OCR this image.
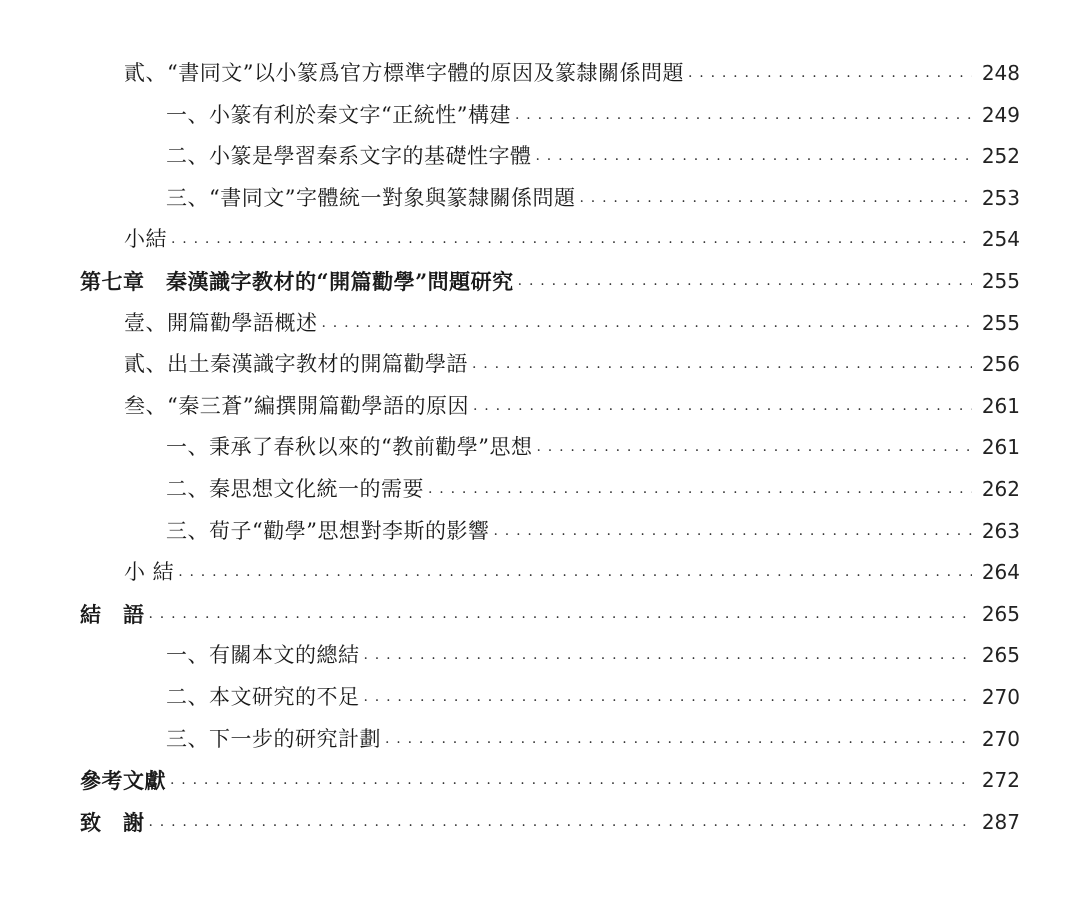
貳、“書同文”以小篆爲官方標準字體的原因及篆隸關係問題 . . .	248
一、小篆有利於秦文字“正統性”構建 . . .	249
二、小篆是學習秦系文字的基礎性字體 . . .	252
三、“書同文”字體統一對象與篆隸關係問題 . . .	253
小結 . . .	254
第七章　秦漢識字教材的“開篇勸學”問題研究 . . .	255
壹、開篇勸學語概述 . . .	255
貳、出土秦漢識字教材的開篇勸學語 . . .	256
叁、“秦三蒼”編撰開篇勸學語的原因 . . .	261
一、秉承了春秋以來的“教前勸學”思想 . . .	261
二、秦思想文化統一的需要 . . .	262
三、荀子“勸學”思想對李斯的影響 . . .	263
小 結 . . .	264
結　語 . . .	265
一、有關本文的總結 . . .	265
二、本文研究的不足 . . .	270
三、下一步的研究計劃 . . .	270
參考文獻 . . .	272
致　謝 . . .	287
